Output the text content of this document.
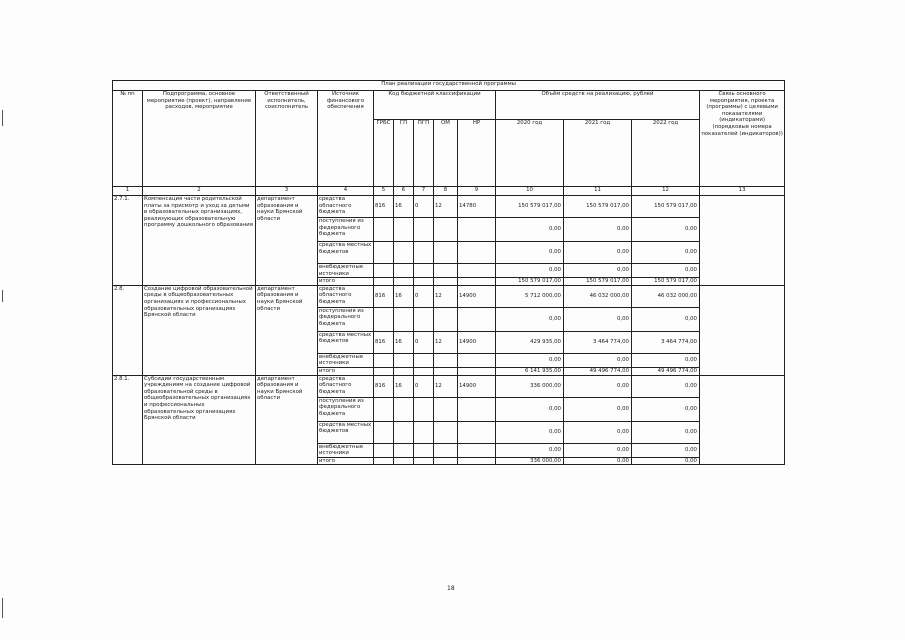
План реализации государственной программы												
№ пп	Подпрограмма, основное мероприятие (проект), направление расходов, мероприятие	Ответственный исполнитель, соисполнитель	Источник финансового обеспечения	Код бюджетной классификации					Объём средств на реализацию, рублей			Связь основного мероприятия, проекта (программы) с целевыми показателями (индикаторами) (порядковые номера показателей (индикаторов))
				ГРБС	ГП	ПГП	ОМ	НР	2020 год	2021 год	2022 год	
1	2	3	4	5	6	7	8	9	10	11	12	13
2.7.1.	Компенсация части родительской платы за присмотр и уход за детьми в образовательных организациях, реализующих образовательную программу дошкольного образования	департамент образования и науки Брянской области	средства областного бюджета	816	16	0	12	14780	150 579 017,00	150 579 017,00	150 579 017,00	
			поступления из федерального бюджета						0,00	0,00	0,00	
			средства местных бюджетов						0,00	0,00	0,00	
			внебюджетные источники						0,00	0,00	0,00	
			итого						150 579 017,00	150 579 017,00	150 579 017,00	
2.8.	Создание цифровой образовательной среды в общеобразовательных организациях и профессиональных образовательных организациях Брянской области	департамент образования и науки Брянской области	средства областного бюджета	816	16	0	12	14900	5 712 000,00	46 032 000,00	46 032 000,00	
			поступления из федерального бюджета						0,00	0,00	0,00	
			средства местных бюджетов	816	16	0	12	14900	429 935,00	3 464 774,00	3 464 774,00	
			внебюджетные источники						0,00	0,00	0,00	
			итого						6 141 935,00	49 496 774,00	49 496 774,00	
2.8.1.	Субсидии государственным учреждениям на создание цифровой образовательной среды в общеобразовательных организациях и профессиональных образовательных организациях Брянской области	департамент образования и науки Брянской области	средства областного бюджета	816	16	0	12	14900	336 000,00	0,00	0,00	
			поступления из федерального бюджета						0,00	0,00	0,00	
			средства местных бюджетов						0,00	0,00	0,00	
			внебюджетные источники						0,00	0,00	0,00	
			итого						336 000,00	0,00	0,00	
18
